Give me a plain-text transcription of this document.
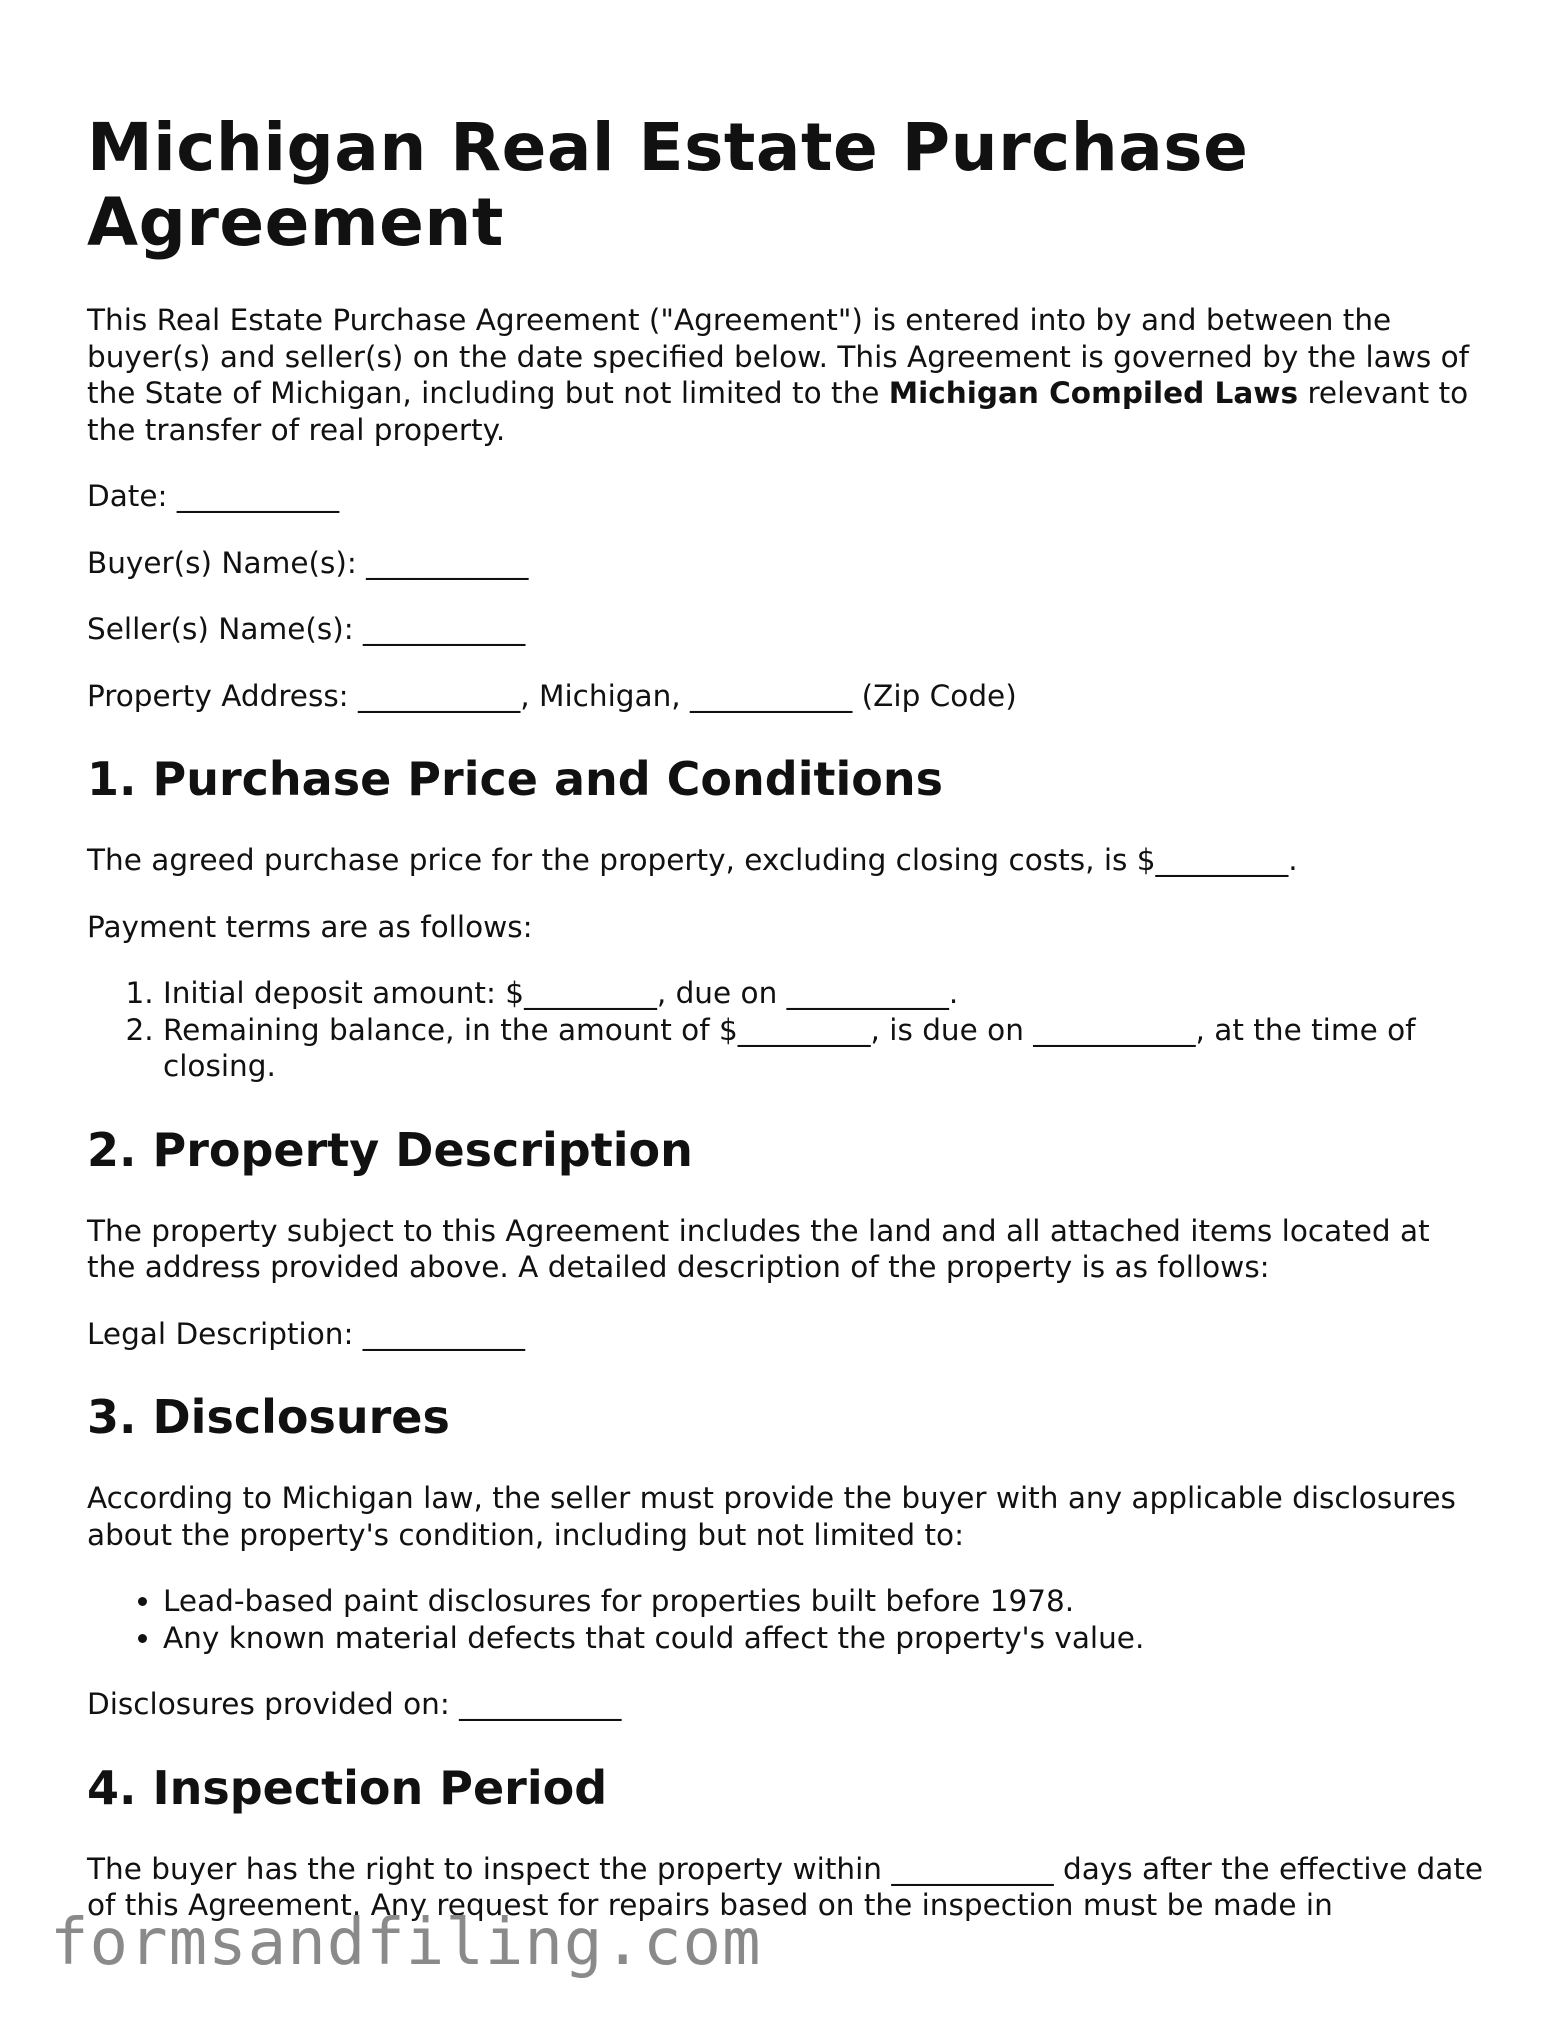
Michigan Real Estate Purchase Agreement

This Real Estate Purchase Agreement ("Agreement") is entered into by and between the buyer(s) and seller(s) on the date specified below. This Agreement is governed by the laws of the State of Michigan, including but not limited to the Michigan Compiled Laws relevant to the transfer of real property.

Date: ___________

Buyer(s) Name(s): ___________

Seller(s) Name(s): ___________

Property Address: ___________, Michigan, ___________ (Zip Code)

1. Purchase Price and Conditions

The agreed purchase price for the property, excluding closing costs, is $_________.

Payment terms are as follows:

1. Initial deposit amount: $_________, due on ___________.
2. Remaining balance, in the amount of $_________, is due on ___________, at the time of closing.
2. Property Description

The property subject to this Agreement includes the land and all attached items located at the address provided above. A detailed description of the property is as follows:

Legal Description: ___________

3. Disclosures

According to Michigan law, the seller must provide the buyer with any applicable disclosures about the property's condition, including but not limited to:

• Lead-based paint disclosures for properties built before 1978.
• Any known material defects that could affect the property's value.

Disclosures provided on: ___________

4. Inspection Period

The buyer has the right to inspect the property within ___________ days after the effective date of this Agreement. Any request for repairs based on the inspection must be made in

formsandfiling.com
